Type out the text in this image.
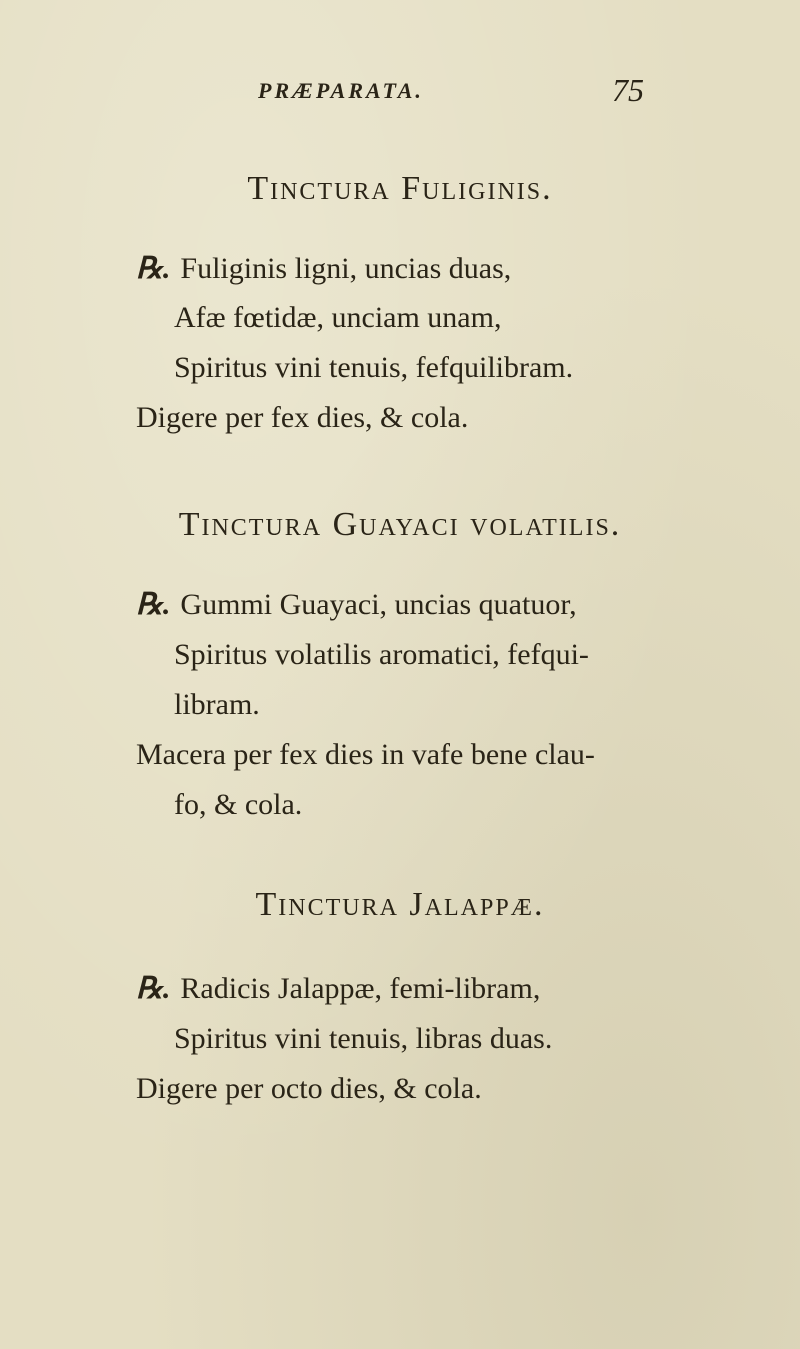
PRÆPARATA.	75
Tinctura Fuliginis.
℞. Fuliginis ligni, uncias duas,
Afæ fœtidæ, unciam unam,
Spiritus vini tenuis, fefquilibram.
Digere per fex dies, & cola.
Tinctura Guayaci volatilis.
℞. Gummi Guayaci, uncias quatuor,
Spiritus volatilis aromatici, fefqui-
libram.
Macera per fex dies in vafe bene clau-
fo, & cola.
Tinctura Jalappæ.
℞. Radicis Jalappæ, femi-libram,
Spiritus vini tenuis, libras duas.
Digere per octo dies, & cola.
